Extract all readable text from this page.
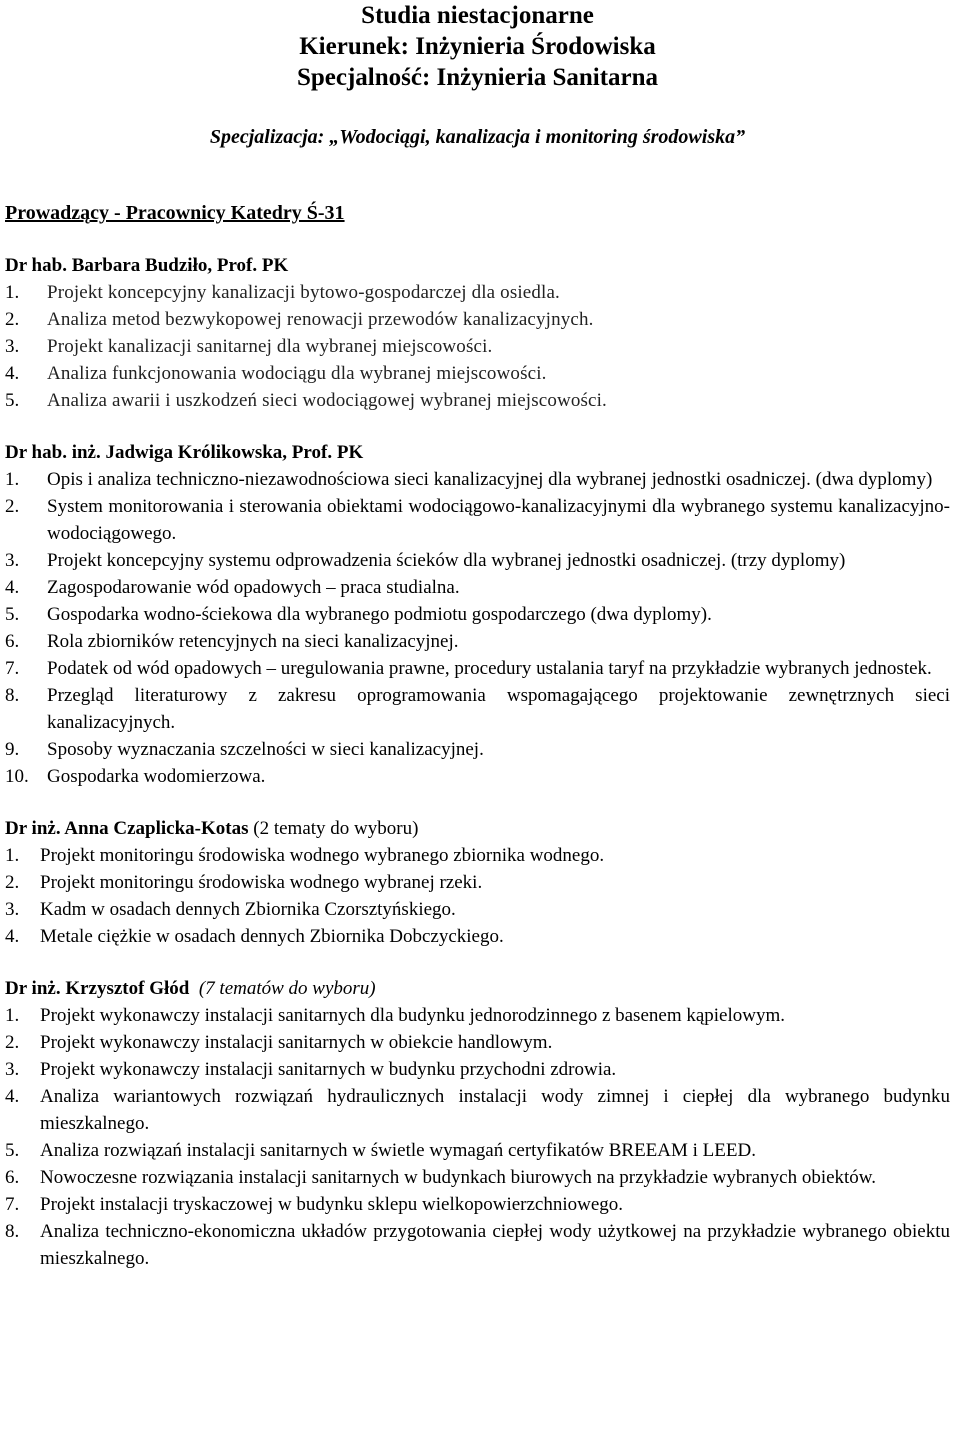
Studia niestacjonarne
Kierunek: Inżynieria Środowiska
Specjalność: Inżynieria Sanitarna
Specjalizacja: „Wodociągi, kanalizacja i monitoring środowiska”
Prowadzący - Pracownicy Katedry Ś-31
Dr hab. Barbara Budziło, Prof. PK
1.	Projekt koncepcyjny kanalizacji bytowo-gospodarczej dla osiedla.
2.	Analiza metod bezwykopowej renowacji przewodów kanalizacyjnych.
3.	Projekt kanalizacji sanitarnej dla wybranej miejscowości.
4.	Analiza funkcjonowania wodociągu dla wybranej miejscowości.
5.	Analiza awarii i uszkodzeń sieci wodociągowej wybranej miejscowości.
Dr hab. inż. Jadwiga Królikowska, Prof. PK
1.	Opis i analiza techniczno-niezawodnościowa sieci kanalizacyjnej dla wybranej jednostki osadniczej. (dwa dyplomy)
2.	System monitorowania i sterowania obiektami wodociągowo-kanalizacyjnymi dla wybranego systemu kanalizacyjno-wodociągowego.
3.	Projekt koncepcyjny systemu odprowadzenia ścieków dla wybranej jednostki osadniczej. (trzy dyplomy)
4.	Zagospodarowanie wód opadowych – praca studialna.
5.	Gospodarka wodno-ściekowa dla wybranego podmiotu gospodarczego (dwa dyplomy).
6.	Rola zbiorników retencyjnych na sieci kanalizacyjnej.
7.	Podatek od wód opadowych – uregulowania prawne, procedury ustalania taryf na przykładzie wybranych jednostek.
8.	Przegląd literaturowy z zakresu oprogramowania wspomagającego projektowanie zewnętrznych sieci kanalizacyjnych.
9.	Sposoby wyznaczania szczelności w sieci kanalizacyjnej.
10. Gospodarka wodomierzowa.
Dr inż. Anna Czaplicka-Kotas (2 tematy do wyboru)
1.	Projekt monitoringu środowiska wodnego wybranego zbiornika wodnego.
2.	Projekt monitoringu środowiska wodnego wybranej rzeki.
3.	Kadm w osadach dennych Zbiornika Czorsztyńskiego.
4.	Metale ciężkie w osadach dennych Zbiornika Dobczyckiego.
Dr inż. Krzysztof Głód (7 tematów do wyboru)
1.	Projekt wykonawczy instalacji sanitarnych dla budynku jednorodzinnego z basenem kąpielowym.
2.	Projekt wykonawczy instalacji sanitarnych w obiekcie handlowym.
3.	Projekt wykonawczy instalacji sanitarnych w budynku przychodni zdrowia.
4.	Analiza wariantowych rozwiązań hydraulicznych instalacji wody zimnej i ciepłej dla wybranego budynku mieszkalnego.
5.	Analiza rozwiązań instalacji sanitarnych w świetle wymagań certyfikatów BREEAM i LEED.
6.	Nowoczesne rozwiązania instalacji sanitarnych w budynkach biurowych na przykładzie wybranych obiektów.
7.	Projekt instalacji tryskaczowej w budynku sklepu wielkopowierzchniowego.
8.	Analiza techniczno-ekonomiczna układów przygotowania ciepłej wody użytkowej na przykładzie wybranego obiektu mieszkalnego.
